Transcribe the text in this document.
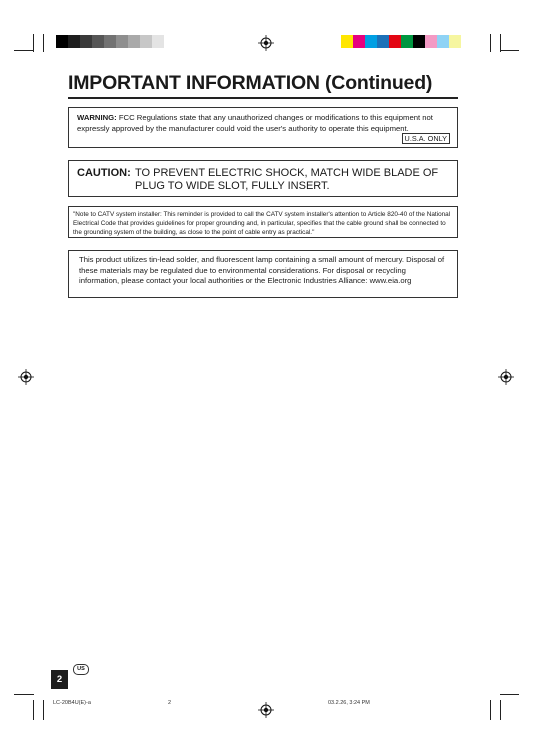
IMPORTANT INFORMATION (Continued)
WARNING: FCC Regulations state that any unauthorized changes or modifications to this equipment not expressly approved by the manufacturer could void the user's authority to operate this equipment.
U.S.A. ONLY
CAUTION: TO PREVENT ELECTRIC SHOCK, MATCH WIDE BLADE OF PLUG TO WIDE SLOT, FULLY INSERT.
"Note to CATV system installer: This reminder is provided to call the CATV system installer's attention to Article 820-40 of the National Electrical Code that provides guidelines for proper grounding and, in particular, specifies that the cable ground shall be connected to the grounding system of the building, as close to the point of cable entry as practical."
This product utilizes tin-lead solder, and fluorescent lamp containing a small amount of mercury. Disposal of these materials may be regulated due to environmental considerations. For disposal or recycling information, please contact your local authorities or the Electronic Industries Alliance: www.eia.org
2
US
LC-20B4U(E)-a	2	03.2.26, 3:24 PM
